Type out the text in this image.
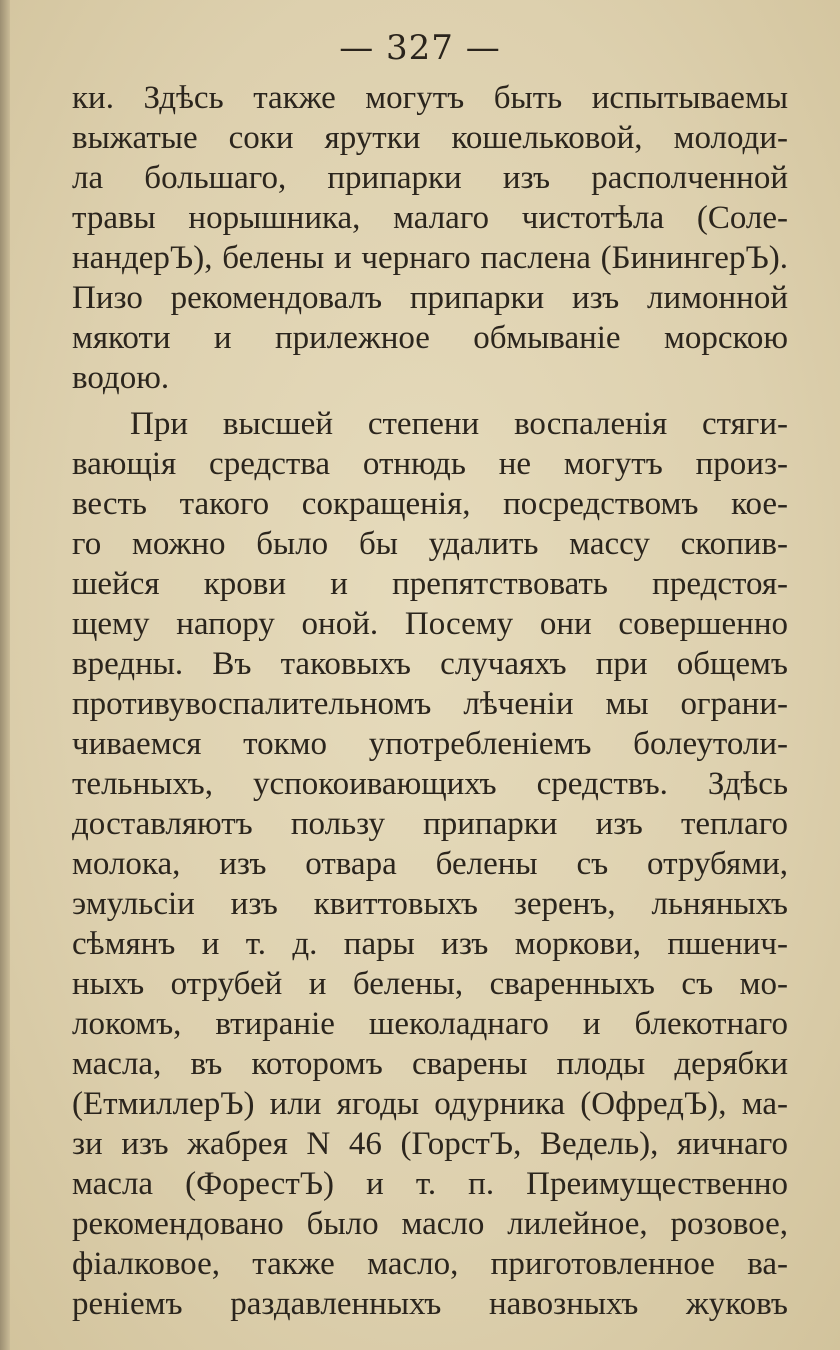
— 327 —
ки. Здѣсь также могутъ быть испытываемы
выжатые соки ярутки кошельковой, молоди-
ла большаго, припарки изъ располченной
травы норышника, малаго чистотѣла (Соле-
нандерЪ), белены и чернаго паслена (БинингерЪ).
Пизо рекомендовалъ припарки изъ лимонной
мякоти и прилежное обмыванiе морскою
водою.
При высшей степени воспаленiя стяги-
вающiя средства отнюдь не могутъ произ-
весть такого сокращенiя, посредствомъ кое-
го можно было бы удалить массу скопив-
шейся крови и препятствовать предстоя-
щему напору оной. Посему они совершенно
вредны. Въ таковыхъ случаяхъ при общемъ
противувоспалительномъ лѣченiи мы ограни-
чиваемся токмо употребленiемъ болеутоли-
тельныхъ, успокоивающихъ средствъ. Здѣсь
доставляютъ пользу припарки изъ теплаго
молока, изъ отвара белены съ отрубями,
эмульсiи изъ квиттовыхъ зеренъ, льняныхъ
сѣмянъ и т. д. пары изъ моркови, пшенич-
ныхъ отрубей и белены, сваренныхъ съ мо-
локомъ, втиранiе шеколаднаго и блекотнаго
масла, въ которомъ сварены плоды дерябки
(ЕтмиллерЪ) или ягоды одурника (ОфредЪ), ма-
зи изъ жабрея N 46 (ГорстЪ, Ведель), яичнаго
масла (ФорестЪ) и т. п. Преимущественно
рекомендовано было масло лилейное, розовое,
фiалковое, также масло, приготовленное ва-
ренiемъ раздавленныхъ навозныхъ жуковъ
